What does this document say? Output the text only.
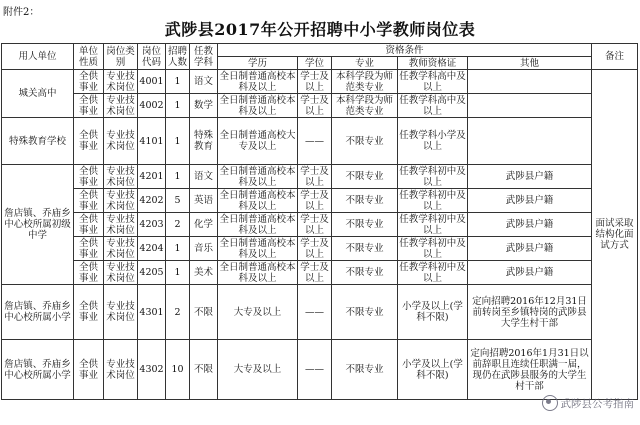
附件2：
武陟县2017年公开招聘中小学教师岗位表
用人单位	单位性质	岗位类别	岗位代码	招聘人数	任教学科	资格条件					备注
						学历	学位	专业	教师资格证	其他	
城关高中	全供事业	专业技术岗位	4001	1	语文	全日制普通高校本科及以上	学士及以上	本科学段为师范类专业	任教学科高中及以上		面试采取结构化面试方式
	全供事业	专业技术岗位	4002	1	数学	全日制普通高校本科及以上	学士及以上	本科学段为师范类专业	任教学科高中及以上		
特殊教育学校	全供事业	专业技术岗位	4101	1	特殊教育	全日制普通高校大专及以上	——	不限专业	任教学科小学及以上		
詹店镇、乔庙乡中心校所属初级中学	全供事业	专业技术岗位	4201	1	语文	全日制普通高校本科及以上	学士及以上	不限专业	任教学科初中及以上	武陟县户籍	
	全供事业	专业技术岗位	4202	5	英语	全日制普通高校本科及以上	学士及以上	不限专业	任教学科初中及以上	武陟县户籍	
	全供事业	专业技术岗位	4203	2	化学	全日制普通高校本科及以上	学士及以上	不限专业	任教学科初中及以上	武陟县户籍	
	全供事业	专业技术岗位	4204	1	音乐	全日制普通高校本科及以上	学士及以上	不限专业	任教学科初中及以上	武陟县户籍	
	全供事业	专业技术岗位	4205	1	美术	全日制普通高校本科及以上	学士及以上	不限专业	任教学科初中及以上	武陟县户籍	
詹店镇、乔庙乡中心校所属小学	全供事业	专业技术岗位	4301	2	不限	大专及以上	——	不限专业	小学及以上(学科不限)	定向招聘2016年12月31日前转岗至乡镇特岗的武陟县大学生村干部	
詹店镇、乔庙乡中心校所属小学	全供事业	专业技术岗位	4302	10	不限	大专及以上	——	不限专业	小学及以上(学科不限)	定向招聘2016年1月31日以前辞职且连续任职满一届，现仍在武陟县服务的大学生村干部	
武陟县公考指南
